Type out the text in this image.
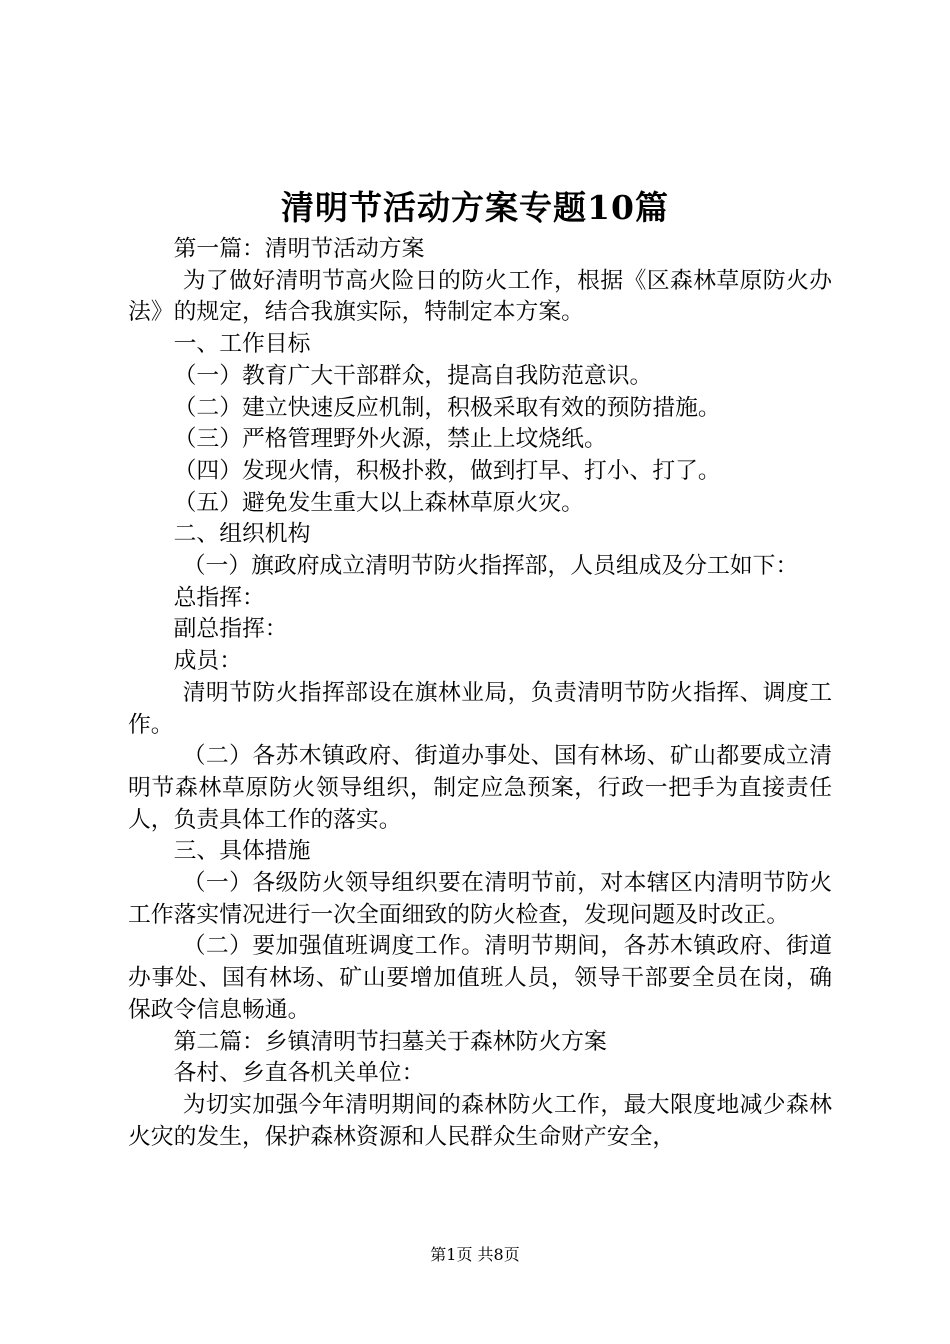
清明节活动方案专题10篇

第一篇：清明节活动方案

为了做好清明节高火险日的防火工作，根据《区森林草原防火办法》的规定，结合我旗实际，特制定本方案。

一、工作目标

（一）教育广大干部群众，提高自我防范意识。

（二）建立快速反应机制，积极采取有效的预防措施。

（三）严格管理野外火源，禁止上坟烧纸。

（四）发现火情，积极扑救，做到打早、打小、打了。

（五）避免发生重大以上森林草原火灾。

二、组织机构

（一）旗政府成立清明节防火指挥部，人员组成及分工如下：

总指挥：

副总指挥：

成员：

清明节防火指挥部设在旗林业局，负责清明节防火指挥、调度工作。

（二）各苏木镇政府、街道办事处、国有林场、矿山都要成立清明节森林草原防火领导组织，制定应急预案，行政一把手为直接责任人，负责具体工作的落实。

三、具体措施

（一）各级防火领导组织要在清明节前，对本辖区内清明节防火工作落实情况进行一次全面细致的防火检查，发现问题及时改正。

（二）要加强值班调度工作。清明节期间，各苏木镇政府、街道办事处、国有林场、矿山要增加值班人员，领导干部要全员在岗，确保政令信息畅通。

第二篇：乡镇清明节扫墓关于森林防火方案

各村、乡直各机关单位：

为切实加强今年清明期间的森林防火工作，最大限度地减少森林火灾的发生，保护森林资源和人民群众生命财产安全，

第1页 共8页
